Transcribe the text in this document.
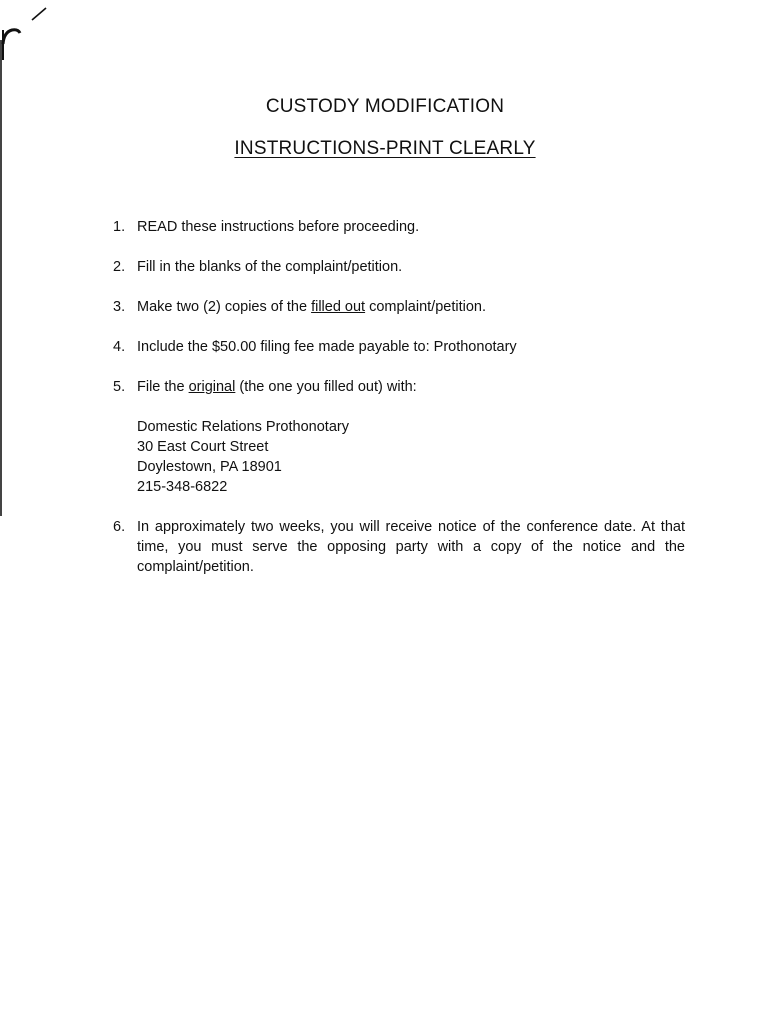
CUSTODY MODIFICATION
INSTRUCTIONS-PRINT CLEARLY
1. READ these instructions before proceeding.
2. Fill in the blanks of the complaint/petition.
3. Make two (2) copies of the filled out complaint/petition.
4. Include the $50.00 filing fee made payable to: Prothonotary
5. File the original (the one you filled out) with:
Domestic Relations Prothonotary
30 East Court Street
Doylestown, PA 18901
215-348-6822
6. In approximately two weeks, you will receive notice of the conference date. At that time, you must serve the opposing party with a copy of the notice and the complaint/petition.
